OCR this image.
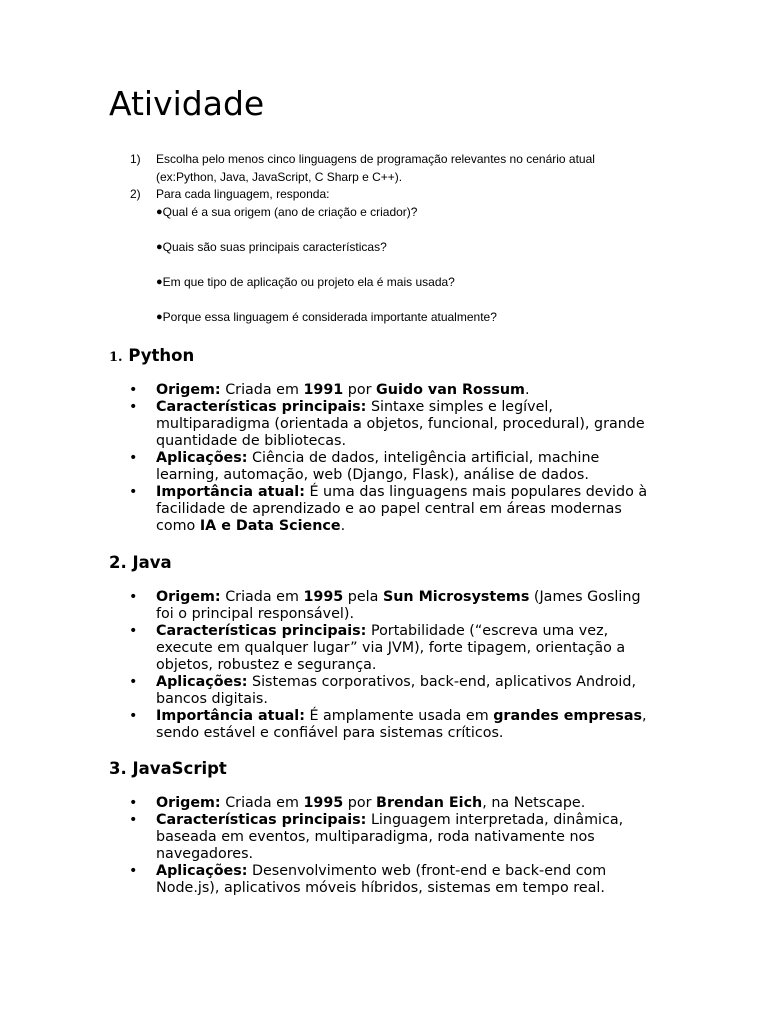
Atividade
1)	Escolha pelo menos cinco linguagens de programação relevantes no cenário atual
(ex:Python, Java, JavaScript, C Sharp e C++).
2)	Para cada linguagem, responda:
● Qual é a sua origem (ano de criação e criador)?
● Quais são suas principais características?
● Em que tipo de aplicação ou projeto ela é mais usada?
● Porque essa linguagem é considerada importante atualmente?
1. Python
• Origem: Criada em 1991 por Guido van Rossum.
• Características principais: Sintaxe simples e legível, multiparadigma (orientada a objetos, funcional, procedural), grande quantidade de bibliotecas.
• Aplicações: Ciência de dados, inteligência artificial, machine learning, automação, web (Django, Flask), análise de dados.
• Importância atual: É uma das linguagens mais populares devido à facilidade de aprendizado e ao papel central em áreas modernas como IA e Data Science.
2. Java
• Origem: Criada em 1995 pela Sun Microsystems (James Gosling foi o principal responsável).
• Características principais: Portabilidade (“escreva uma vez, execute em qualquer lugar” via JVM), forte tipagem, orientação a objetos, robustez e segurança.
• Aplicações: Sistemas corporativos, back-end, aplicativos Android, bancos digitais.
• Importância atual: É amplamente usada em grandes empresas, sendo estável e confiável para sistemas críticos.
3. JavaScript
• Origem: Criada em 1995 por Brendan Eich, na Netscape.
• Características principais: Linguagem interpretada, dinâmica, baseada em eventos, multiparadigma, roda nativamente nos navegadores.
• Aplicações: Desenvolvimento web (front-end e back-end com Node.js), aplicativos móveis híbridos, sistemas em tempo real.
